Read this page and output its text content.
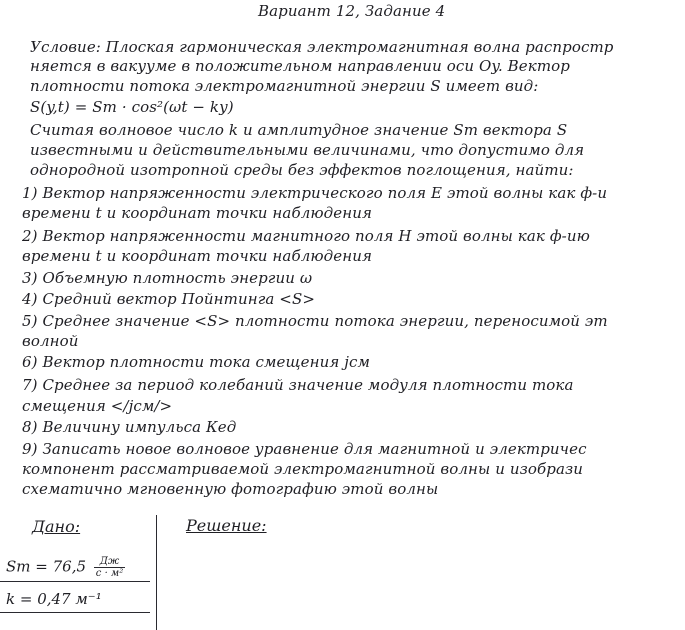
Вариант 12, Задание 4
Условие: Плоская гармоническая электромагнитная волна распростр
няется в вакууме в положительном направлении оси Oy. Вектор
плотности потока электромагнитной энергии S имеет вид:
S(y,t) = Sm · cos²(ωt − ky)
Считая волновое число k и амплитудное значение Sm вектора S
известными и действительными величинами, что допустимо для
однородной изотропной среды без эффектов поглощения, найти:
1) Вектор напряженности электрического поля E этой волны как ф-и
времени t и координат точки наблюдения
2) Вектор напряженности магнитного поля H этой волны как ф-ию
времени t и координат точки наблюдения
3) Объемную плотность энергии ω
4) Средний вектор Пойнтинга <S>
5) Среднее значение <S> плотности потока энергии, переносимой эт
волной
6) Вектор плотности тока смещения jсм
7) Среднее за период колебаний значение модуля плотности тока
смещения </jсм/>
8) Величину импульса Кед
9) Записать новое волновое уравнение для магнитной и электричес
компонент рассматриваемой электромагнитной волны и изобрази
схематично мгновенную фотографию этой волны
Дано:
$Sm = 76,5 \frac{Дж}{\text{с · м²}}$
k = 0,47 м⁻¹
Решение:
